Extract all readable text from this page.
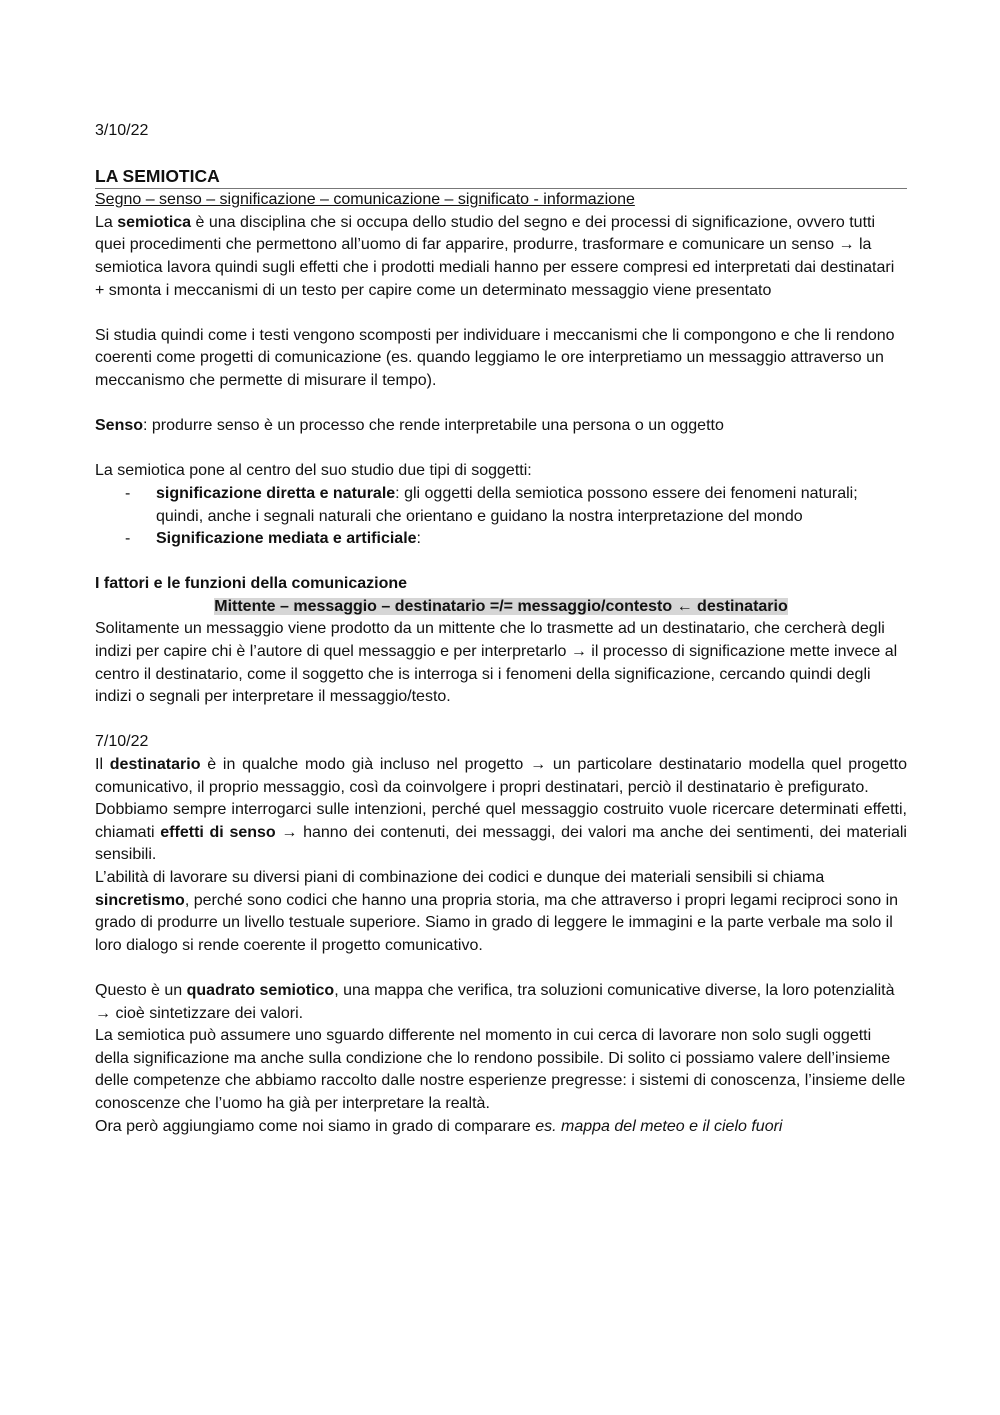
3/10/22

LA SEMIOTICA

Segno – senso – significazione – comunicazione – significato - informazione

La semiotica è una disciplina che si occupa dello studio del segno e dei processi di significazione, ovvero tutti quei procedimenti che permettono all’uomo di far apparire, produrre, trasformare e comunicare un senso → la semiotica lavora quindi sugli effetti che i prodotti mediali hanno per essere compresi ed interpretati dai destinatari + smonta i meccanismi di un testo per capire come un determinato messaggio viene presentato

Si studia quindi come i testi vengono scomposti per individuare i meccanismi che li compongono e che li rendono coerenti come progetti di comunicazione (es. quando leggiamo le ore interpretiamo un messaggio attraverso un meccanismo che permette di misurare il tempo).

Senso: produrre senso è un processo che rende interpretabile una persona o un oggetto

La semiotica pone al centro del suo studio due tipi di soggetti:

- significazione diretta e naturale: gli oggetti della semiotica possono essere dei fenomeni naturali; quindi, anche i segnali naturali che orientano e guidano la nostra interpretazione del mondo
- Significazione mediata e artificiale:

I fattori e le funzioni della comunicazione

Mittente – messaggio – destinatario =/= messaggio/contesto ← destinatario

Solitamente un messaggio viene prodotto da un mittente che lo trasmette ad un destinatario, che cercherà degli indizi per capire chi è l’autore di quel messaggio e per interpretarlo → il processo di significazione mette invece al centro il destinatario, come il soggetto che is interroga si i fenomeni della significazione, cercando quindi degli indizi o segnali per interpretare il messaggio/testo.

7/10/22

Il destinatario è in qualche modo già incluso nel progetto → un particolare destinatario modella quel progetto comunicativo, il proprio messaggio, così da coinvolgere i propri destinatari, perciò il destinatario è prefigurato.

Dobbiamo sempre interrogarci sulle intenzioni, perché quel messaggio costruito vuole ricercare determinati effetti, chiamati effetti di senso → hanno dei contenuti, dei messaggi, dei valori ma anche dei sentimenti, dei materiali sensibili.

L’abilità di lavorare su diversi piani di combinazione dei codici e dunque dei materiali sensibili si chiama sincretismo, perché sono codici che hanno una propria storia, ma che attraverso i propri legami reciproci sono in grado di produrre un livello testuale superiore. Siamo in grado di leggere le immagini e la parte verbale ma solo il loro dialogo si rende coerente il progetto comunicativo.

Questo è un quadrato semiotico, una mappa che verifica, tra soluzioni comunicative diverse, la loro potenzialità → cioè sintetizzare dei valori.

La semiotica può assumere uno sguardo differente nel momento in cui cerca di lavorare non solo sugli oggetti della significazione ma anche sulla condizione che lo rendono possibile. Di solito ci possiamo valere dell’insieme delle competenze che abbiamo raccolto dalle nostre esperienze pregresse: i sistemi di conoscenza, l’insieme delle conoscenze che l’uomo ha già per interpretare la realtà.

Ora però aggiungiamo come noi siamo in grado di comparare es. mappa del meteo e il cielo fuori
